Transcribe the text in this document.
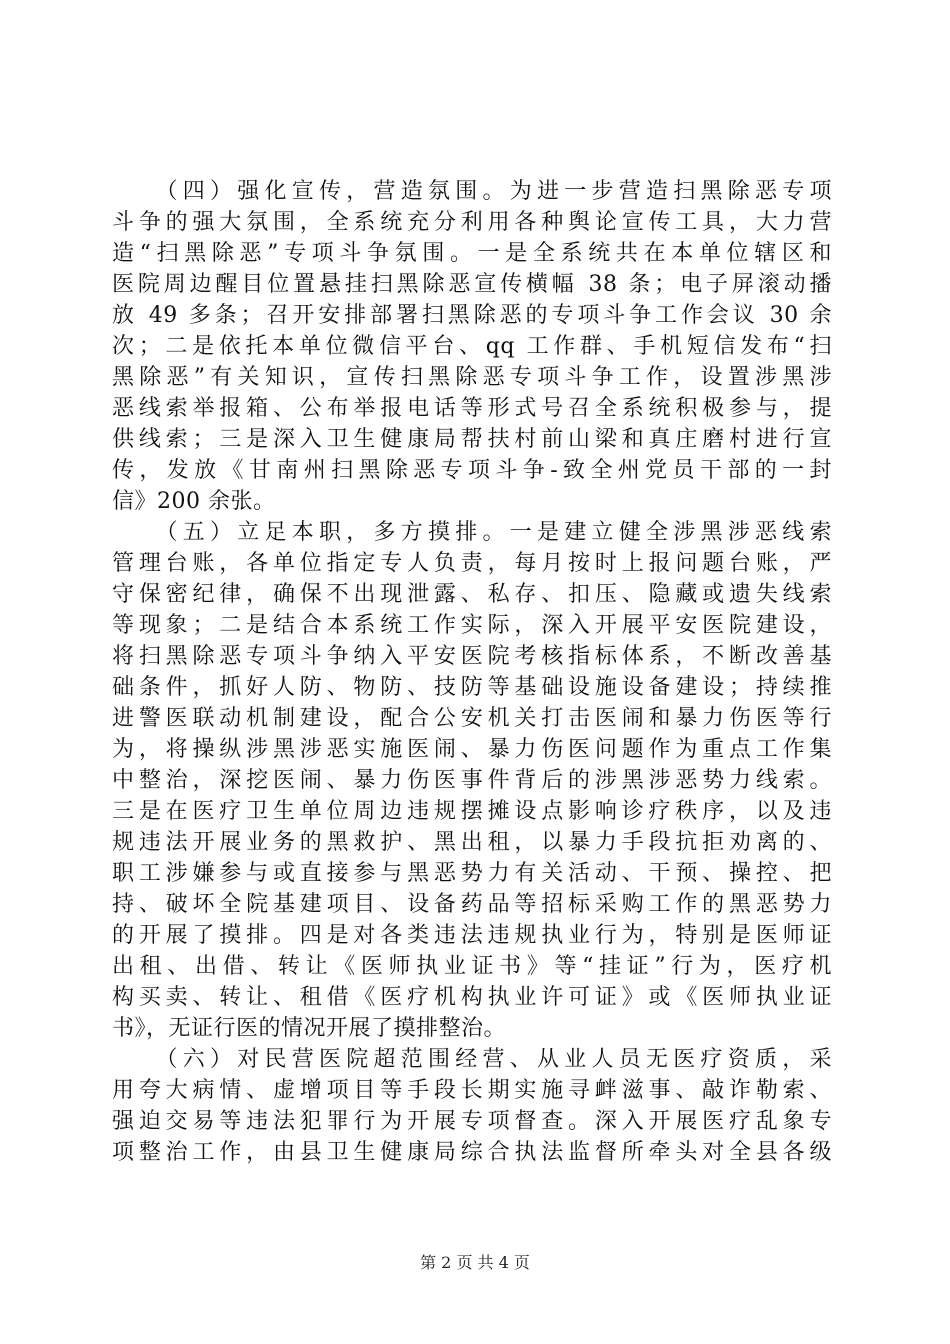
　　（四）强化宣传，营造氛围。为进一步营造扫黑除恶专项
斗争的强大氛围，全系统充分利用各种舆论宣传工具，大力营
造“扫黑除恶”专项斗争氛围。一是全系统共在本单位辖区和
医院周边醒目位置悬挂扫黑除恶宣传横幅 38 条；电子屏滚动播
放 49 多条；召开安排部署扫黑除恶的专项斗争工作会议 30 余
次；二是依托本单位微信平台、qq 工作群、手机短信发布“扫
黑除恶”有关知识，宣传扫黑除恶专项斗争工作，设置涉黑涉
恶线索举报箱、公布举报电话等形式号召全系统积极参与，提
供线索；三是深入卫生健康局帮扶村前山梁和真庄磨村进行宣
传，发放《甘南州扫黑除恶专项斗争-致全州党员干部的一封
信》200 余张。
　　（五）立足本职，多方摸排。一是建立健全涉黑涉恶线索
管理台账，各单位指定专人负责，每月按时上报问题台账，严
守保密纪律，确保不出现泄露、私存、扣压、隐藏或遗失线索
等现象；二是结合本系统工作实际，深入开展平安医院建设，
将扫黑除恶专项斗争纳入平安医院考核指标体系，不断改善基
础条件，抓好人防、物防、技防等基础设施设备建设；持续推
进警医联动机制建设，配合公安机关打击医闹和暴力伤医等行
为，将操纵涉黑涉恶实施医闹、暴力伤医问题作为重点工作集
中整治，深挖医闹、暴力伤医事件背后的涉黑涉恶势力线索。
三是在医疗卫生单位周边违规摆摊设点影响诊疗秩序，以及违
规违法开展业务的黑救护、黑出租，以暴力手段抗拒劝离的、
职工涉嫌参与或直接参与黑恶势力有关活动、干预、操控、把
持、破坏全院基建项目、设备药品等招标采购工作的黑恶势力
的开展了摸排。四是对各类违法违规执业行为，特别是医师证
出租、出借、转让《医师执业证书》等“挂证”行为，医疗机
构买卖、转让、租借《医疗机构执业许可证》或《医师执业证
书》，无证行医的情况开展了摸排整治。
　　（六）对民营医院超范围经营、从业人员无医疗资质，采
用夸大病情、虚增项目等手段长期实施寻衅滋事、敲诈勒索、
强迫交易等违法犯罪行为开展专项督查。深入开展医疗乱象专
项整治工作，由县卫生健康局综合执法监督所牵头对全县各级
第 2 页 共 4 页
